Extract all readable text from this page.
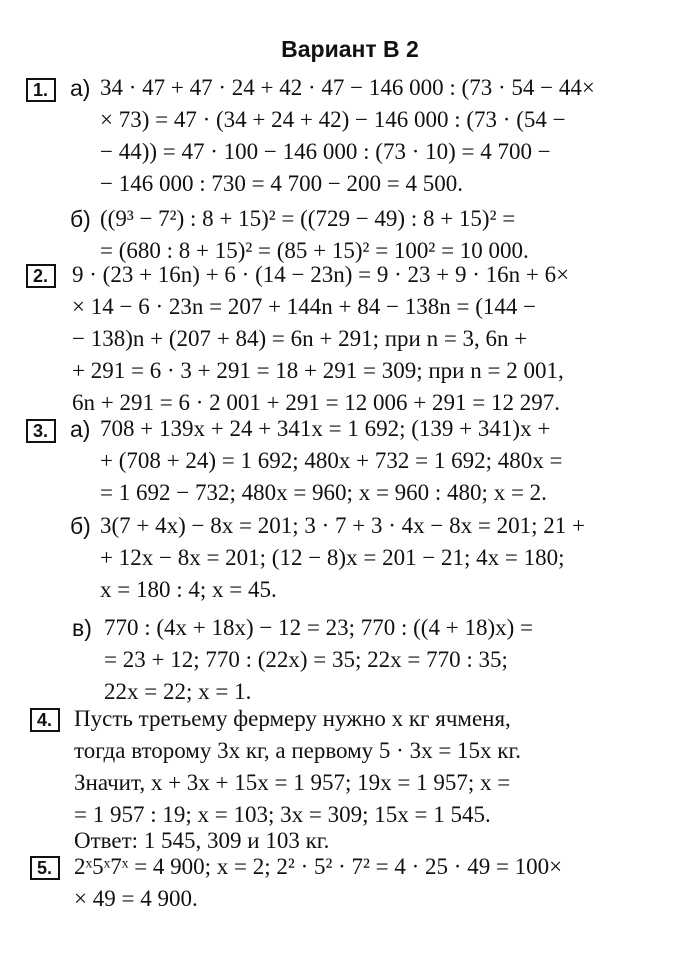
Вариант B 2
1. а) 34 · 47 + 47 · 24 + 42 · 47 − 146 000 : (73 · 54 − 44×
× 73) = 47 · (34 + 24 + 42) − 146 000 : (73 · (54 −
− 44)) = 47 · 100 − 146 000 : (73 · 10) = 4 700 −
− 146 000 : 730 = 4 700 − 200 = 4 500.
б) ((9³ − 7²) : 8 + 15)² = ((729 − 49) : 8 + 15)² =
= (680 : 8 + 15)² = (85 + 15)² = 100² = 10 000.
2.	9 · (23 + 16n) + 6 · (14 − 23n) = 9 · 23 + 9 · 16n + 6×
× 14 − 6 · 23n = 207 + 144n + 84 − 138n = (144 −
− 138)n + (207 + 84) = 6n + 291; при n = 3, 6n +
+ 291 = 6 · 3 + 291 = 18 + 291 = 309; при n = 2 001,
6n + 291 = 6 · 2 001 + 291 = 12 006 + 291 = 12 297.
3. а) 708 + 139x + 24 + 341x = 1 692; (139 + 341)x +
+ (708 + 24) = 1 692; 480x + 732 = 1 692; 480x =
= 1 692 − 732; 480x = 960; x = 960 : 480; x = 2.
б) 3(7 + 4x) − 8x = 201; 3 · 7 + 3 · 4x − 8x = 201; 21 +
+ 12x − 8x = 201; (12 − 8)x = 201 − 21; 4x = 180;
x = 180 : 4; x = 45.
в) 770 : (4x + 18x) − 12 = 23; 770 : ((4 + 18)x) =
= 23 + 12; 770 : (22x) = 35; 22x = 770 : 35;
22x = 22; x = 1.
4. Пусть третьему фермеру нужно x кг ячменя,
тогда второму 3x кг, а первому 5 · 3x = 15x кг.
Значит, x + 3x + 15x = 1 957; 19x = 1 957; x =
= 1 957 : 19; x = 103; 3x = 309; 15x = 1 545.
Ответ: 1 545, 309 и 103 кг.
5. 2ˣ5ˣ7ˣ = 4 900; x = 2; 2² · 5² · 7² = 4 · 25 · 49 = 100×
× 49 = 4 900.
